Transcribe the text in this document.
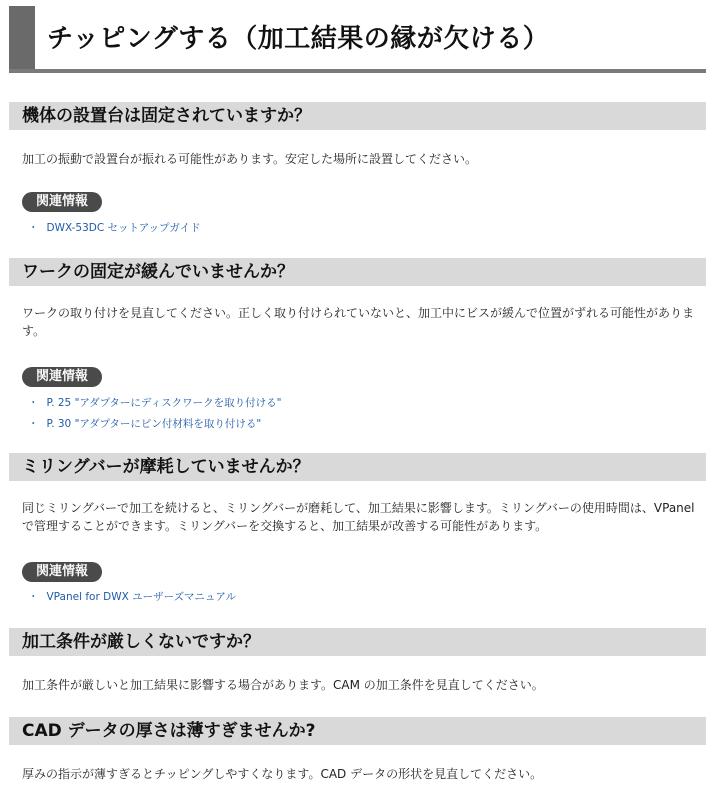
チッピングする（加工結果の縁が欠ける）
機体の設置台は固定されていますか？

加工の振動で設置台が振れる可能性があります。安定した場所に設置してください。

関連情報
・ DWX-53DC セットアップガイド
ワークの固定が緩んでいませんか？

ワークの取り付けを見直してください。正しく取り付けられていないと、加工中にビスが緩んで位置がずれる可能性があります。

関連情報
・ P. 25 "アダプターにディスクワークを取り付ける"
・ P. 30 "アダプターにピン付材料を取り付ける"
ミリングバーが摩耗していませんか？

同じミリングバーで加工を続けると、ミリングバーが磨耗して、加工結果に影響します。ミリングバーの使用時間は、VPanel で管理することができます。ミリングバーを交換すると、加工結果が改善する可能性があります。

関連情報
・ VPanel for DWX ユーザーズマニュアル
加工条件が厳しくないですか？

加工条件が厳しいと加工結果に影響する場合があります。CAM の加工条件を見直してください。

CAD データの厚さは薄すぎませんか?

厚みの指示が薄すぎるとチッピングしやすくなります。CAD データの形状を見直してください。
